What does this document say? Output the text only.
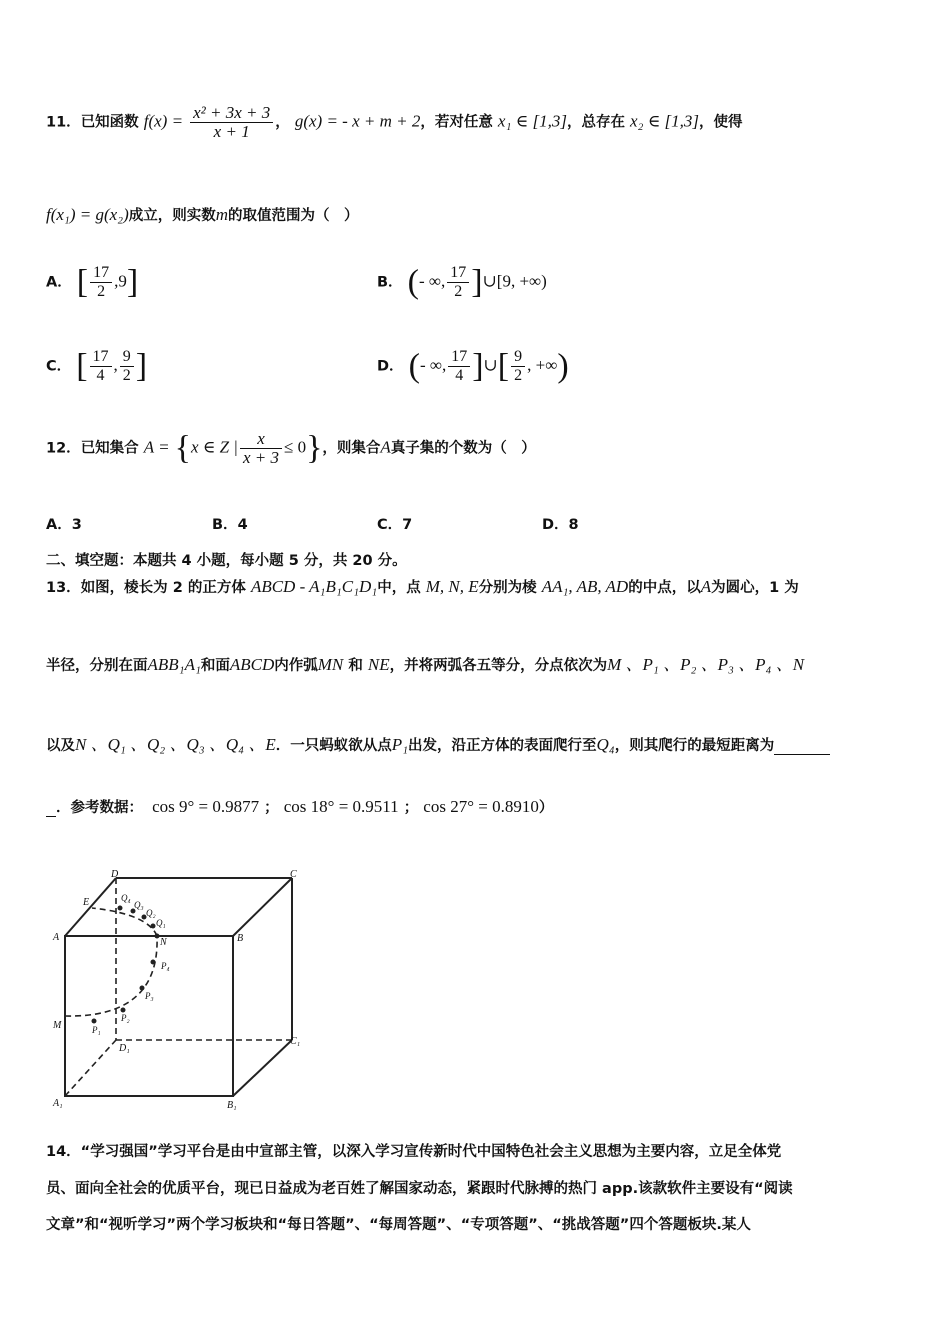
11．已知函数 $f(x) = \frac{\text{x² + 3x + 3}}{x + 1}$ ， g(x) = - x + m + 2，若对任意 x₁ ∈ [1,3]，总存在 x₂ ∈ [1,3]，使得
f(x₁) = g(x₂)成立，则实数m的取值范围为（　）
A． [ $\frac{17}{2} ,9$]	B． (- ∞, $\frac{17}{2}$ ]∪[9, +∞)
C． [ $\frac{17}{4}$ , $\frac{9}{2}$ ]	D． (- ∞, $\frac{17}{4}$ ]∪[ $\frac{9}{2}$ , +∞)
12．已知集合 A = {x ∈ Z | $\frac{x}{x + 3} \le 0$}，则集合A真子集的个数为（　）
A．3	B．4	C．7	D．8
二、填空题：本题共 4 小题，每小题 5 分，共 20 分。
13．如图，棱长为 2 的正方体 ABCD - A₁B₁C₁D₁中，点 M, N, E分别为棱 AA₁, AB, AD的中点，以A为圆心，1 为
半径，分别在面ABB₁A₁和面ABCD内作弧MN 和 NE，并将两弧各五等分，分点依次为M 、P₁ 、P₂ 、P₃ 、P₄ 、N
以及N 、Q₁ 、Q₂ 、Q₃ 、Q₄ 、E．一只蚂蚁欲从点P₁出发，沿正方体的表面爬行至Q₄，则其爬行的最短距离为
．参考数据： cos 9° = 0.9877 ； cos 18° = 0.9511 ； cos 27° = 0.8910）
D	C
E	Q₄
Q₃
Q₂
Q₁
A	N	B
P₄
P₃
P₂
M	P₁
D₁
C₁
A₁	B₁
14．“学习强国”学习平台是由中宣部主管，以深入学习宣传新时代中国特色社会主义思想为主要内容，立足全体党
员、面向全社会的优质平台，现已日益成为老百姓了解国家动态，紧跟时代脉搏的热门 app.该款软件主要设有“阅读
文章”和“视听学习”两个学习板块和“每日答题”、“每周答题”、“专项答题”、“挑战答题”四个答题板块.某人
